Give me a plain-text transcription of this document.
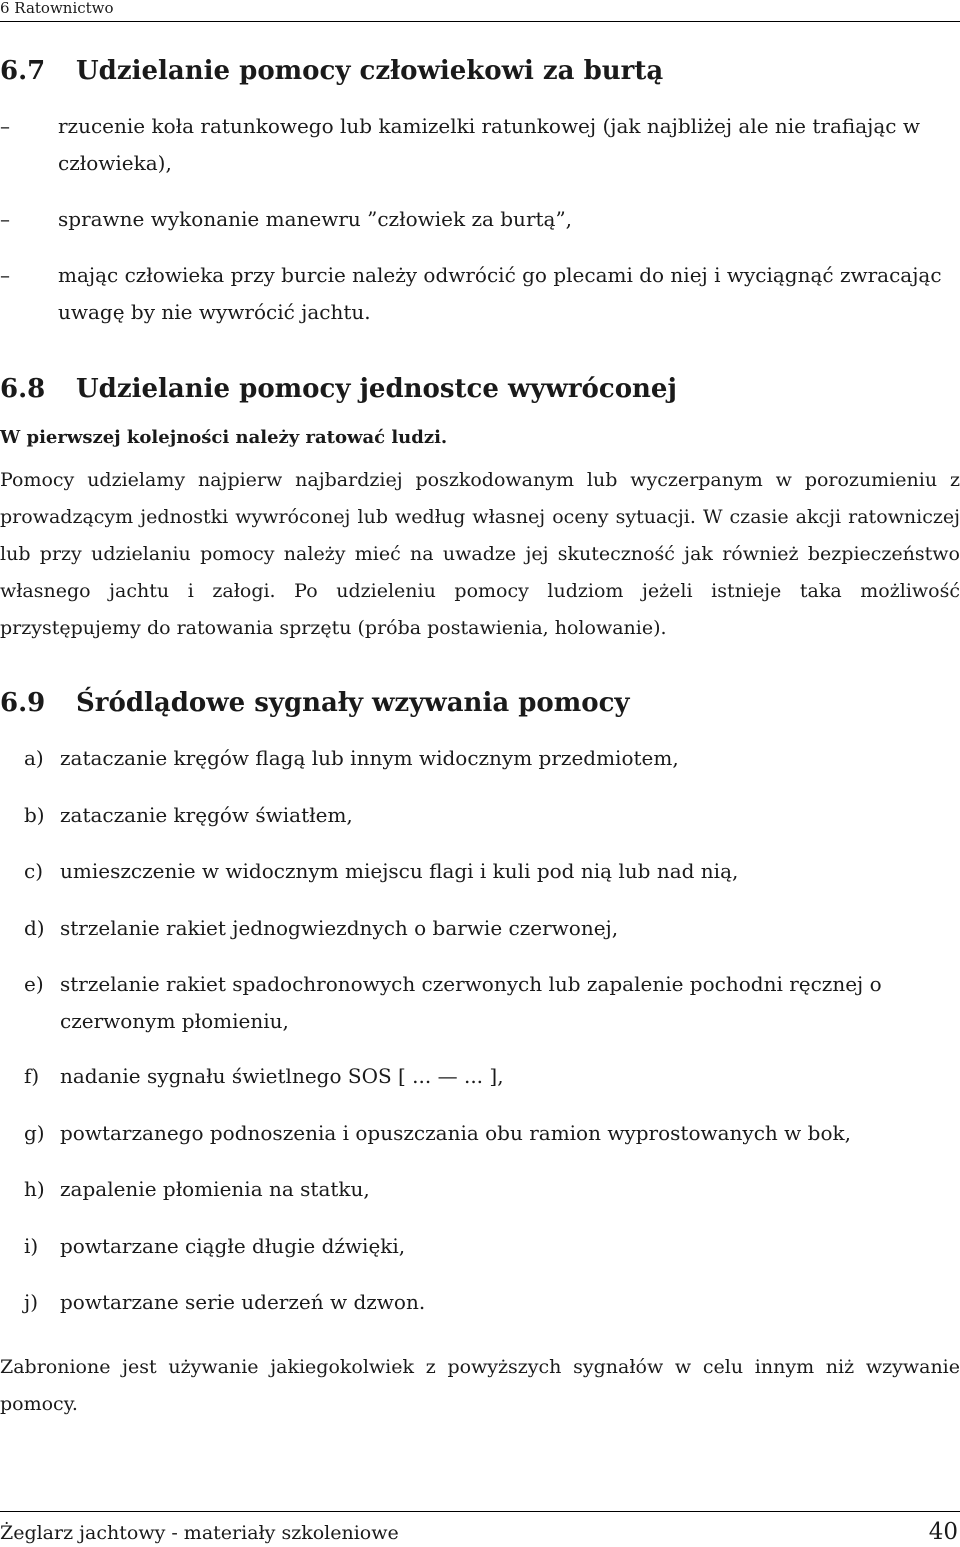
6 Ratownictwo
6.7 Udzielanie pomocy człowiekowi za burtą
– rzucenie koła ratunkowego lub kamizelki ratunkowej (jak najbliżej ale nie trafiając w człowieka),
– sprawne wykonanie manewru ”człowiek za burtą”,
– mając człowieka przy burcie należy odwrócić go plecami do niej i wyciągnąć zwracając uwagę by nie wywrócić jachtu.
6.8 Udzielanie pomocy jednostce wywróconej
W pierwszej kolejności należy ratować ludzi.

Pomocy udzielamy najpierw najbardziej poszkodowanym lub wyczerpanym w porozumieniu z prowadzącym jednostki wywróconej lub według własnej oceny sytuacji. W czasie akcji ratowniczej lub przy udzielaniu pomocy należy mieć na uwadze jej skuteczność jak również bezpieczeństwo własnego jachtu i załogi. Po udzieleniu pomocy ludziom jeżeli istnieje taka możliwość przystępujemy do ratowania sprzętu (próba postawienia, holowanie).

6.9 Śródlądowe sygnały wzywania pomocy
a) zataczanie kręgów flagą lub innym widocznym przedmiotem,
b) zataczanie kręgów światłem,
c) umieszczenie w widocznym miejscu flagi i kuli pod nią lub nad nią,
d) strzelanie rakiet jednogwiezdnych o barwie czerwonej,
e) strzelanie rakiet spadochronowych czerwonych lub zapalenie pochodni ręcznej o czerwonym płomieniu,
f) nadanie sygnału świetlnego SOS [ ... — ... ],
g) powtarzanego podnoszenia i opuszczania obu ramion wyprostowanych w bok,
h) zapalenie płomienia na statku,
i) powtarzane ciągłe długie dźwięki,
j) powtarzane serie uderzeń w dzwon.

Zabronione jest używanie jakiegokolwiek z powyższych sygnałów w celu innym niż wzywanie pomocy.

Żeglarz jachtowy - materiały szkoleniowe	40
